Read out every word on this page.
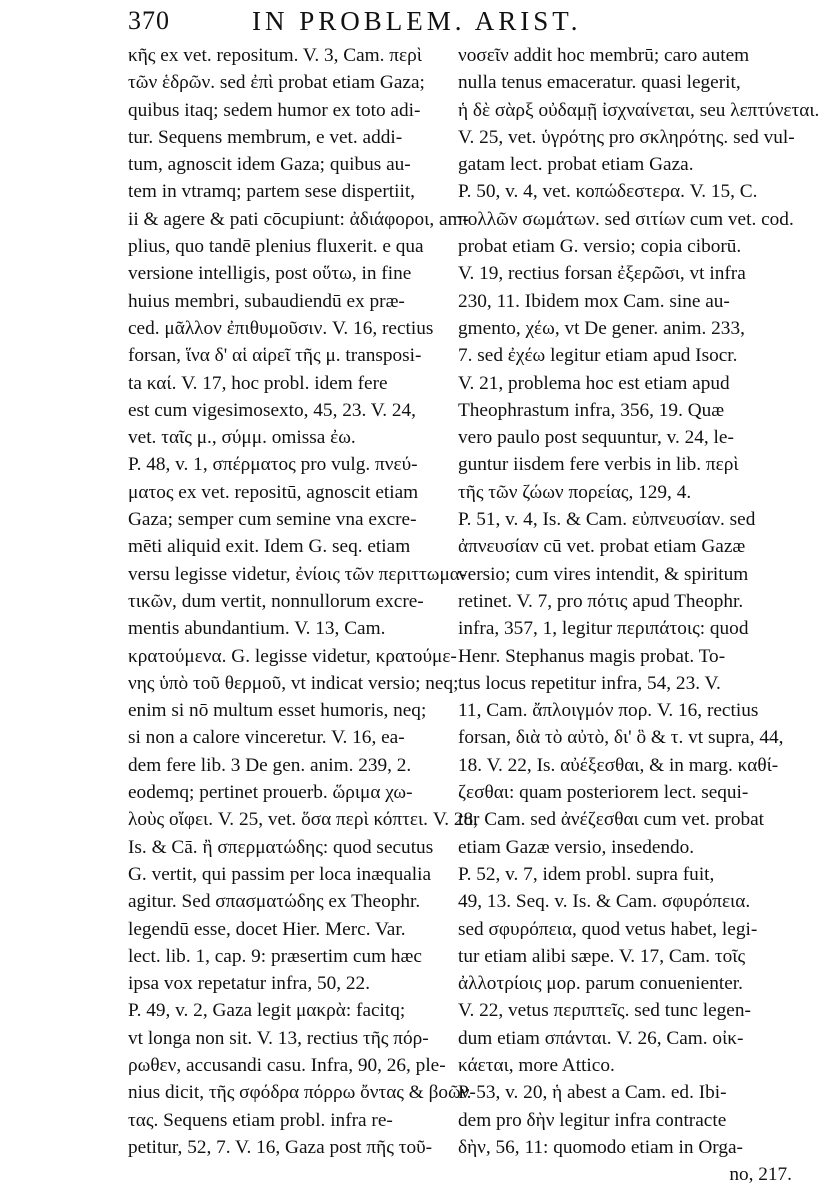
370	IN PROBLEM. ARIST.
κῆς ex vet. repositum. V. 3, Cam. περὶ
τῶν ἑδρῶν. sed ἐπὶ probat etiam Gaza;
quibus itaq; sedem humor ex toto adi-
tur. Sequens membrum, e vet. addi-
tum, agnoscit idem Gaza; quibus au-
tem in vtramq; partem sese dispertiit,
ii & agere & pati cōcupiunt: ἀδιάφοροι, am-
plius, quo tandē plenius fluxerit. e qua
versione intelligis, post οὕτω, in fine
huius membri, subaudiendū ex præ-
ced. μᾶλλον ἐπιθυμοῦσιν. V. 16, rectius
forsan, ἵνα δ' αἱ αἱρεῖ τῆς μ. transposi-
ta καί. V. 17, hoc probl. idem fere
est cum vigesimosexto, 45, 23. V. 24,
vet. ταῖς μ., σύμμ. omissa ἐω.
P. 48, v. 1, σπέρματος pro vulg. πνεύ-
ματος ex vet. repositū, agnoscit etiam
Gaza; semper cum semine vna excre-
mēti aliquid exit. Idem G. seq. etiam
versu legisse videtur, ἐνίοις τῶν περιττωμα-
τικῶν, dum vertit, nonnullorum excre-
mentis abundantium. V. 13, Cam.
κρατούμενα. G. legisse videtur, κρατούμε-
νης ὑπὸ τοῦ θερμοῦ, vt indicat versio; neq;
enim si nō multum esset humoris, neq;
si non a calore vinceretur. V. 16, ea-
dem fere lib. 3 De gen. anim. 239, 2.
eodemq; pertinet prouerb. ὥριμα χω-
λοὺς οἴφει. V. 25, vet. ὅσα περὶ κόπτει. V. 28,
Is. & Cā. ἢ σπερματώδης: quod secutus
G. vertit, qui passim per loca inæqualia
agitur. Sed σπασματώδης ex Theophr.
legendū esse, docet Hier. Merc. Var.
lect. lib. 1, cap. 9: præsertim cum hæc
ipsa vox repetatur infra, 50, 22.
P. 49, v. 2, Gaza legit μακρὰ: facitq;
vt longa non sit. V. 13, rectius τῆς πόρ-
ρωθεν, accusandi casu. Infra, 90, 26, ple-
nius dicit, τῆς σφόδρα πόρρω ὄντας & βοῶν-
τας. Sequens etiam probl. infra re-
petitur, 52, 7. V. 16, Gaza post πῆς τοῦ-
νοσεῖν addit hoc membrū; caro autem
nulla tenus emaceratur. quasi legerit,
ἡ δὲ σὰρξ οὐδαμῇ ἰσχναίνεται, seu λεπτύνεται.
V. 25, vet. ὑγρότης pro σκληρότης. sed vul-
gatam lect. probat etiam Gaza.
P. 50, v. 4, vet. κοπώδεστερα. V. 15, C.
πολλῶν σωμάτων. sed σιτίων cum vet. cod.
probat etiam G. versio; copia ciborū.
V. 19, rectius forsan ἐξερῶσι, vt infra
230, 11. Ibidem mox Cam. sine au-
gmento, χέω, vt De gener. anim. 233,
7. sed ἐχέω legitur etiam apud Isocr.
V. 21, problema hoc est etiam apud
Theophrastum infra, 356, 19. Quæ
vero paulo post sequuntur, v. 24, le-
guntur iisdem fere verbis in lib. περὶ
τῆς τῶν ζώων πορείας, 129, 4.
P. 51, v. 4, Is. & Cam. εὐπνευσίαν. sed
ἀπνευσίαν cū vet. probat etiam Gazæ
versio; cum vires intendit, & spiritum
retinet. V. 7, pro πότις apud Theophr.
infra, 357, 1, legitur περιπάτοις: quod
Henr. Stephanus magis probat. To-
tus locus repetitur infra, 54, 23. V.
11, Cam. ἄπλοιγμόν πορ. V. 16, rectius
forsan, διὰ τὸ αὐτὸ, δι' ὃ & τ. vt supra, 44,
18. V. 22, Is. αὐέξεσθαι, & in marg. καθί-
ζεσθαι: quam posteriorem lect. sequi-
tur Cam. sed ἀνέζεσθαι cum vet. probat
etiam Gazæ versio, insedendo.
P. 52, v. 7, idem probl. supra fuit,
49, 13. Seq. v. Is. & Cam. σφυρόπεια.
sed σφυρόπεια, quod vetus habet, legi-
tur etiam alibi sæpe. V. 17, Cam. τοῖς
ἀλλοτρίοις μορ. parum conuenienter.
V. 22, vetus περιπτεῖς. sed tunc legen-
dum etiam σπάνται. V. 26, Cam. οἰκ-
κάεται, more Attico.
P. 53, v. 20, ἡ abest a Cam. ed. Ibi-
dem pro δὴν legitur infra contracte
δὴν, 56, 11: quomodo etiam in Orga-
no, 217.
